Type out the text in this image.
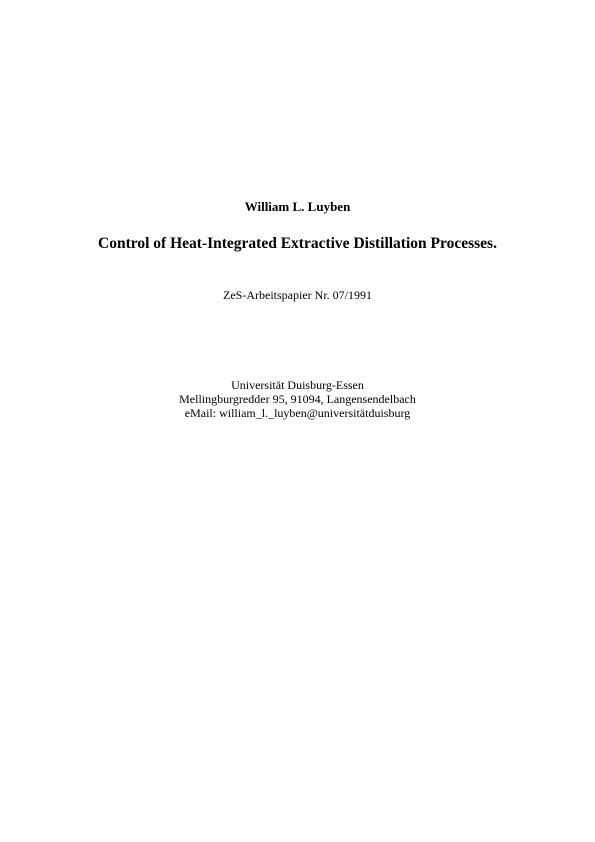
William L. Luyben
Control of Heat-Integrated Extractive Distillation Processes.
ZeS-Arbeitspapier Nr. 07/1991
Universität Duisburg-Essen
Mellingburgredder 95, 91094, Langensendelbach
eMail: william_l._luyben@universitätduisburg
